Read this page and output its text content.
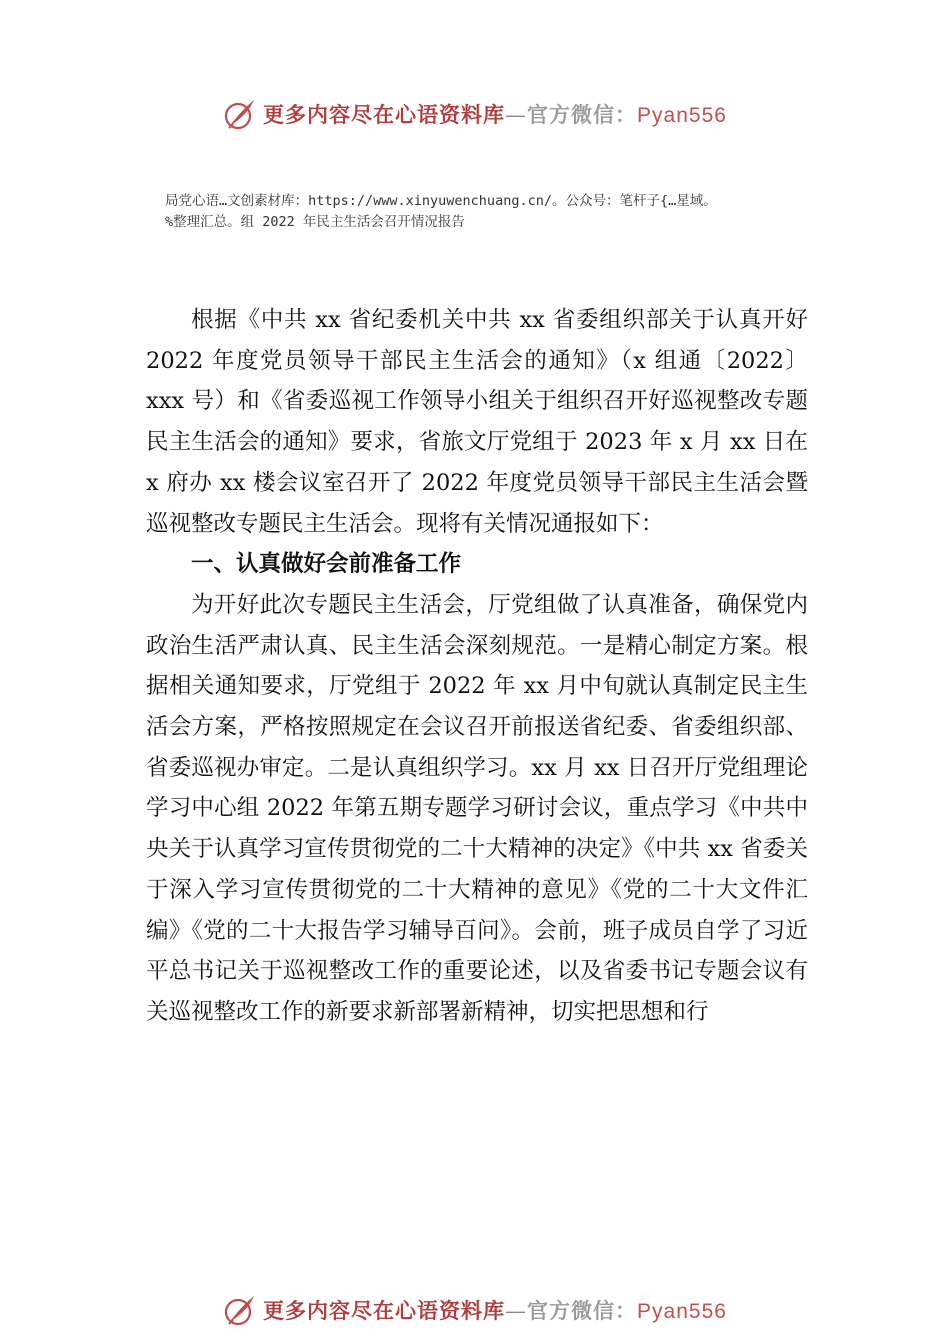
更多内容尽在心语资料库—官方微信：Pyan556
局党心语…文创素材库：https://www.xinyuwenchuang.cn/。公众号：笔杆子{…星域。
%整理汇总。组 2022 年民主生活会召开情况报告

根据《中共 xx 省纪委机关中共 xx 省委组织部关于认真开好 2022 年度党员领导干部民主生活会的通知》（x 组通〔2022〕xxx 号）和《省委巡视工作领导小组关于组织召开好巡视整改专题民主生活会的通知》要求，省旅文厅党组于 2023 年 x 月 xx 日在 x 府办 xx 楼会议室召开了 2022 年度党员领导干部民主生活会暨巡视整改专题民主生活会。现将有关情况通报如下：

一、认真做好会前准备工作

为开好此次专题民主生活会，厅党组做了认真准备，确保党内政治生活严肃认真、民主生活会深刻规范。一是精心制定方案。根据相关通知要求，厅党组于 2022 年 xx 月中旬就认真制定民主生活会方案，严格按照规定在会议召开前报送省纪委、省委组织部、省委巡视办审定。二是认真组织学习。xx 月 xx 日召开厅党组理论学习中心组 2022 年第五期专题学习研讨会议，重点学习《中共中央关于认真学习宣传贯彻党的二十大精神的决定》《中共 xx 省委关于深入学习宣传贯彻党的二十大精神的意见》《党的二十大文件汇编》《党的二十大报告学习辅导百问》。会前，班子成员自学了习近平总书记关于巡视整改工作的重要论述，以及省委书记专题会议有关巡视整改工作的新要求新部署新精神，切实把思想和行

更多内容尽在心语资料库—官方微信：Pyan556
